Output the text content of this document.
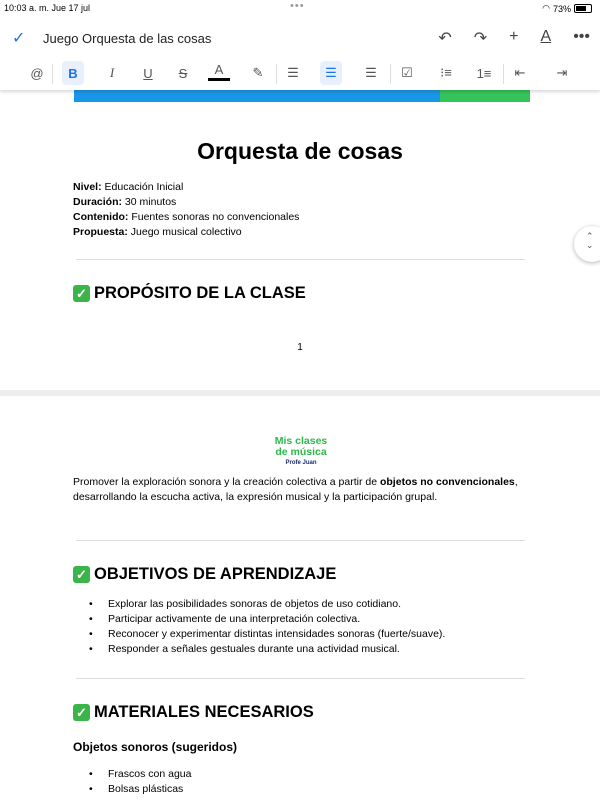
10:03 a. m. Jue 17 jul	•••	◠ 73%
✓ Juego Orquesta de las cosas	↶ ↷ + A •••
@	B	I	U	S	A	✎	☰	☰	☰	☑	⁝≡	1≡	⇤	⇥
Orquesta de cosas
Nivel: Educación Inicial
Duración: 30 minutos
Contenido: Fuentes sonoras no convencionales
Propuesta: Juego musical colectivo
✓ PROPÓSITO DE LA CLASE
1
⌃
⌄
Mis clases
de música
Profe Juan

Promover la exploración sonora y la creación colectiva a partir de objetos no convencionales, desarrollando la escucha activa, la expresión musical y la participación grupal.

✓ OBJETIVOS DE APRENDIZAJE
• Explorar las posibilidades sonoras de objetos de uso cotidiano.
• Participar activamente de una interpretación colectiva.
• Reconocer y experimentar distintas intensidades sonoras (fuerte/suave).
• Responder a señales gestuales durante una actividad musical.
✓ MATERIALES NECESARIOS
Objetos sonoros (sugeridos)
• Frascos con agua
• Bolsas plásticas
